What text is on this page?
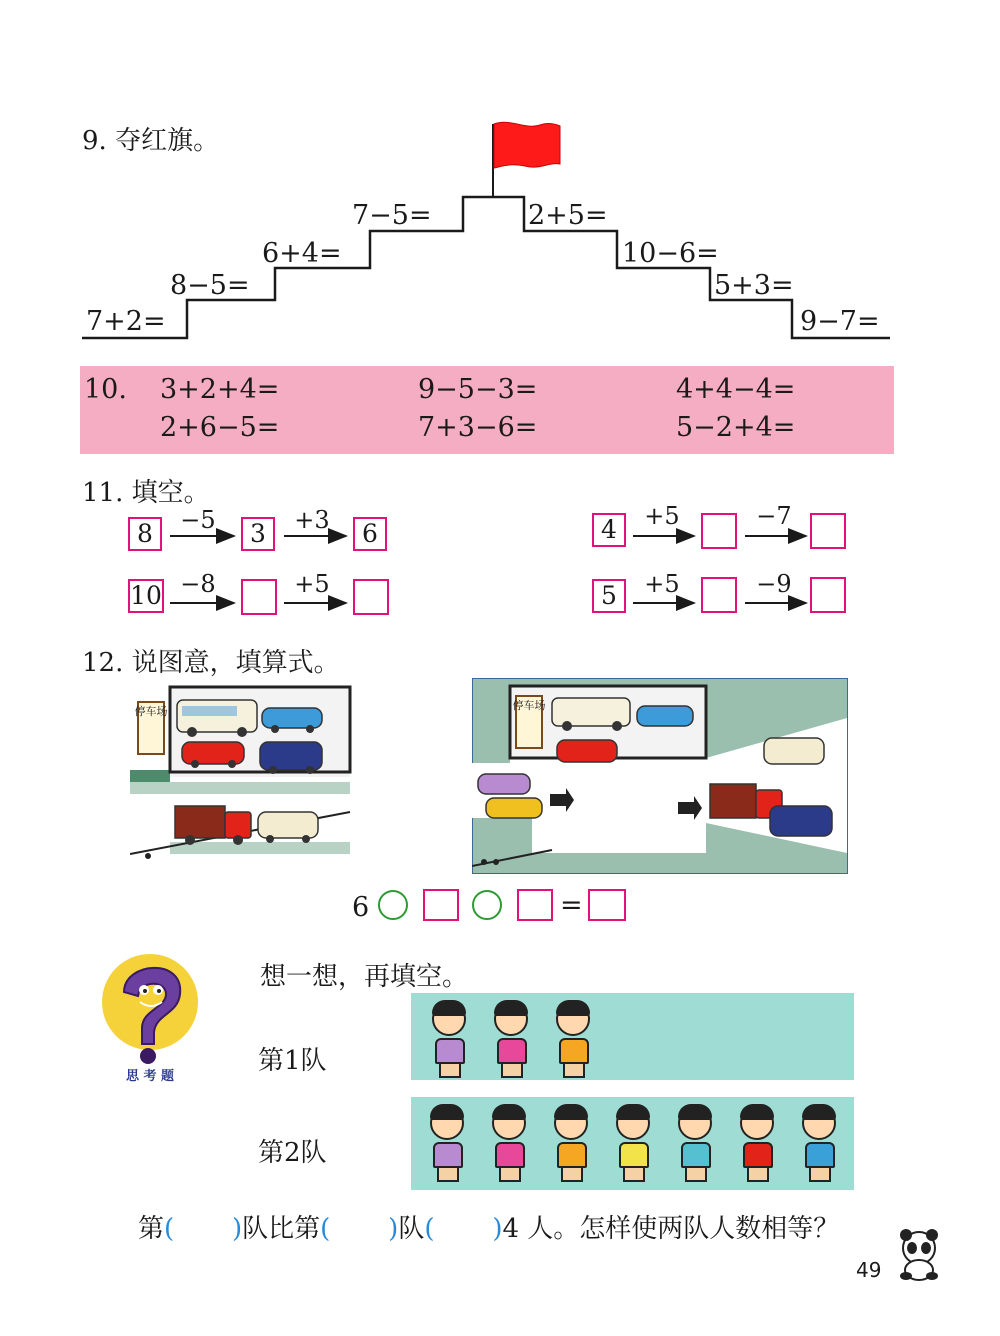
9. 夺红旗。
7+2=
8−5=
6+4=
7−5=	2+5=
10−6=
5+3=
9−7=
10. 3+2+4=	9−5−3=	4+4−4=
2+6−5=	7+3−6=	5−2+4=
11. 填空。
8	−5	3	+3	6	4	+5	−7
10 −8	+5	5	+5	−9
12. 说图意，填算式。
停车场	停车场
6	=
思 考 题
想一想，再填空。
第1队
第2队
第(       )队比第(       )队(       )4 人。怎样使两队人数相等？
49
